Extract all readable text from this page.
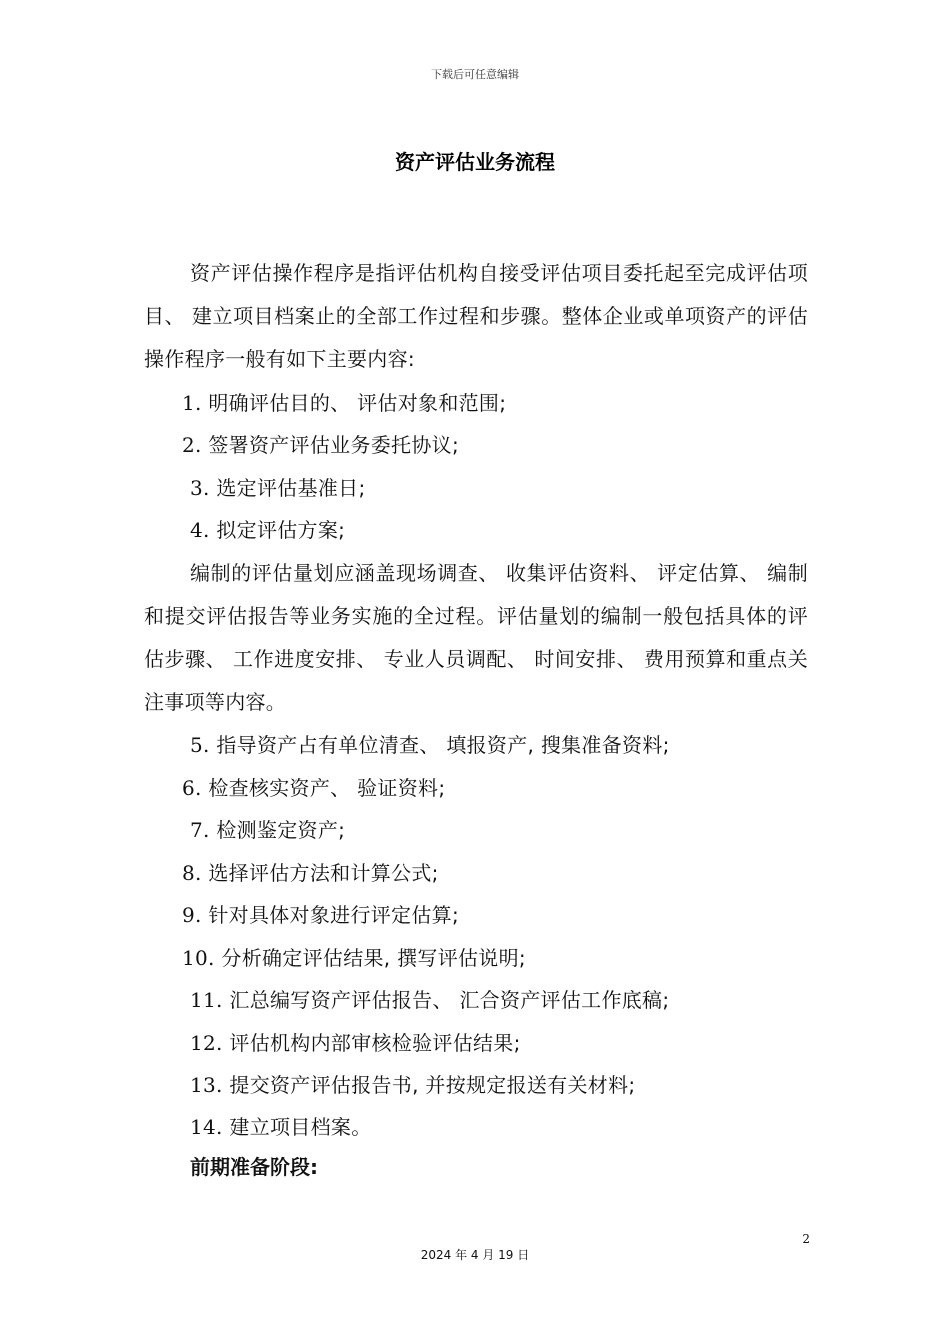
下载后可任意编辑
资产评估业务流程
资产评估操作程序是指评估机构自接受评估项目委托起至完成评估项目、 建立项目档案止的全部工作过程和步骤。整体企业或单项资产的评估操作程序一般有如下主要内容:
1. 明确评估目的、 评估对象和范围;
2. 签署资产评估业务委托协议;
3. 选定评估基准日;
4. 拟定评估方案;
编制的评估量划应涵盖现场调查、 收集评估资料、 评定估算、 编制和提交评估报告等业务实施的全过程。评估量划的编制一般包括具体的评估步骤、 工作进度安排、 专业人员调配、 时间安排、 费用预算和重点关注事项等内容。
5. 指导资产占有单位清查、 填报资产, 搜集准备资料;
6. 检查核实资产、 验证资料;
7. 检测鉴定资产;
8. 选择评估方法和计算公式;
9. 针对具体对象进行评定估算;
10. 分析确定评估结果, 撰写评估说明;
11. 汇总编写资产评估报告、 汇合资产评估工作底稿;
12. 评估机构内部审核检验评估结果;
13. 提交资产评估报告书, 并按规定报送有关材料;
14. 建立项目档案。
前期准备阶段:
2
2024 年 4 月 19 日
